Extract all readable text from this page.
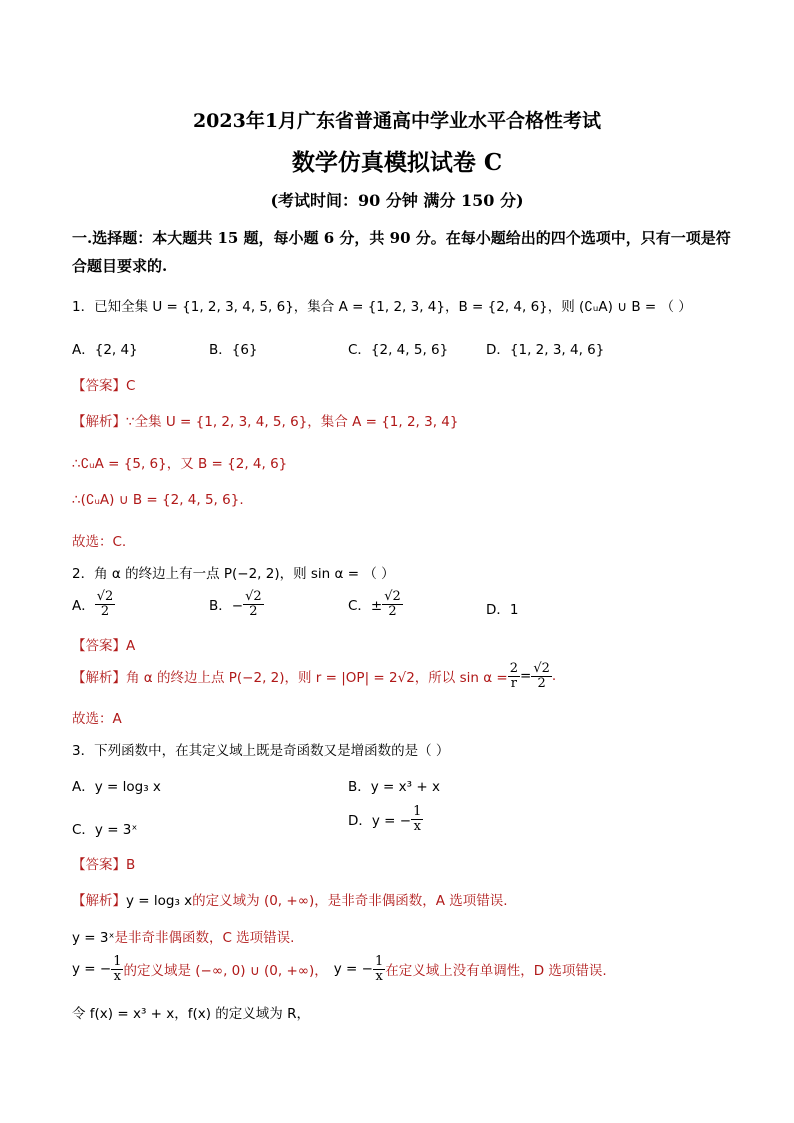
2023年1月广东省普通高中学业水平合格性考试
数学仿真模拟试卷 C
(考试时间：90 分钟 满分 150 分)
一.选择题：本大题共 15 题，每小题 6 分，共 90 分。在每小题给出的四个选项中，只有一项是符合题目要求的.
1．已知全集 U = {1, 2, 3, 4, 5, 6}，集合 A = {1, 2, 3, 4}，B = {2, 4, 6}，则 (∁ᵤA) ∪ B = （ ）
A．{2, 4}	B．{6}	C．{2, 4, 5, 6}	D．{1, 2, 3, 4, 6}
【答案】C
【解析】∵全集 U = {1, 2, 3, 4, 5, 6}，集合 A = {1, 2, 3, 4}
∴∁ᵤA = {5, 6}，又 B = {2, 4, 6}
∴(∁ᵤA) ∪ B = {2, 4, 5, 6}.
故选：C.
2．角 α 的终边上有一点 P(−2, 2)，则 sin α = （ ）
A． $\frac{√2}{2}$	B．− $\frac{√2}{2}$	C．± $\frac{√2}{2}$	D．1
【答案】A
【解析】 角 α 的终边上点 P(−2, 2)，则 r = |OP| = 2√2，所以 $\sin \alpha = \frac{2}{r} = \frac{√2}{2}$ .
故选：A
3．下列函数中，在其定义域上既是奇函数又是增函数的是（ ）
A．y = log₃ x	B．y = x³ + x
C．y = 3ˣ
D．y = − $\frac{1}{x}$
【答案】B
【解析】y = log₃ x的定义域为 (0, +∞)，是非奇非偶函数，A 选项错误.
y = 3ˣ是非奇非偶函数，C 选项错误.
y = − $\frac{1}{x}$ 的定义域是 (−∞, 0) ∪ (0, +∞)， y = − $\frac{1}{x}$ 在定义域上没有单调性，D 选项错误.
令 f(x) = x³ + x，f(x) 的定义域为 R，
